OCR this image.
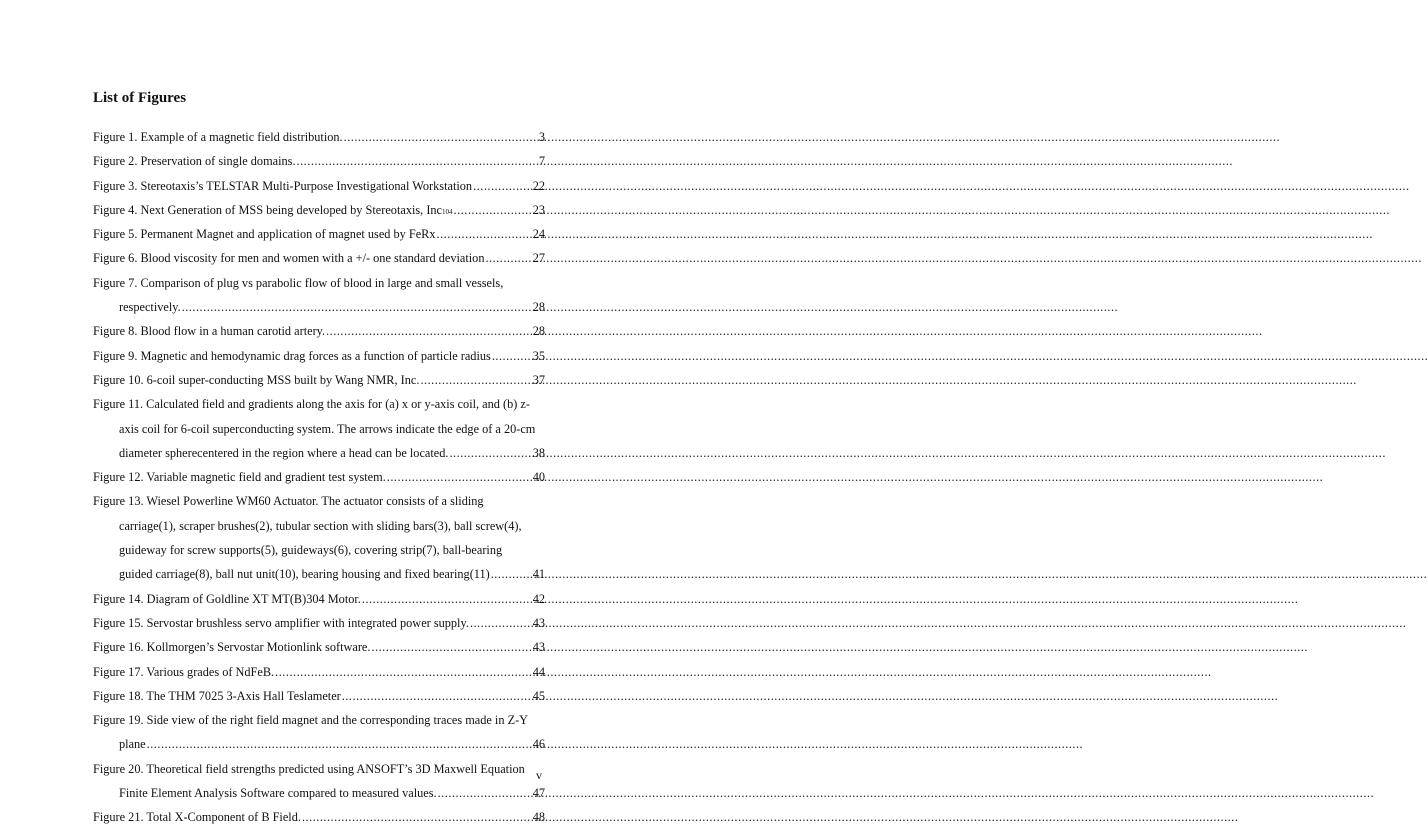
List of Figures
Figure 1. Example of a magnetic field distribution. .....	3
Figure 2. Preservation of single domains. .....	7
Figure 3. Stereotaxis’s TELSTAR Multi-Purpose Investigational Workstation .....	22
Figure 4. Next Generation of MSS being developed by Stereotaxis, Inc 104 .....	23
Figure 5. Permanent Magnet and application of magnet used by FeRx .....	24
Figure 6. Blood viscosity for men and women with a +/- one standard deviation .....	27
Figure 7. Comparison of plug vs parabolic flow of blood in large and small vessels,
respectively. .....	28
Figure 8. Blood flow in a human carotid artery. .....	28
Figure 9. Magnetic and hemodynamic drag forces as a function of particle radius .....	35
Figure 10. 6-coil super-conducting MSS built by Wang NMR, Inc. .....	37
Figure 11. Calculated field and gradients along the axis for (a) x or y-axis coil, and (b) z-
axis coil for 6-coil superconducting system. The arrows indicate the edge of a 20-cm
diameter spherecentered in the region where a head can be located. .....	38
Figure 12. Variable magnetic field and gradient test system. .....	40
Figure 13. Wiesel Powerline WM60 Actuator. The actuator consists of a sliding
carriage(1), scraper brushes(2), tubular section with sliding bars(3), ball screw(4),
guideway for screw supports(5), guideways(6), covering strip(7), ball-bearing
guided carriage(8), ball nut unit(10), bearing housing and fixed bearing(11) .....	41
Figure 14. Diagram of Goldline XT MT(B)304 Motor. .....	42
Figure 15. Servostar brushless servo amplifier with integrated power supply. .....	43
Figure 16. Kollmorgen’s Servostar Motionlink software. .....	43
Figure 17. Various grades of NdFeB. .....	44
Figure 18. The THM 7025 3-Axis Hall Teslameter .....	45
Figure 19. Side view of the right field magnet and the corresponding traces made in Z-Y
plane .....	46
Figure 20. Theoretical field strengths predicted using ANSOFT’s 3D Maxwell Equation
Finite Element Analysis Software compared to measured values. .....	47
Figure 21. Total X-Component of B Field. .....	48
v
